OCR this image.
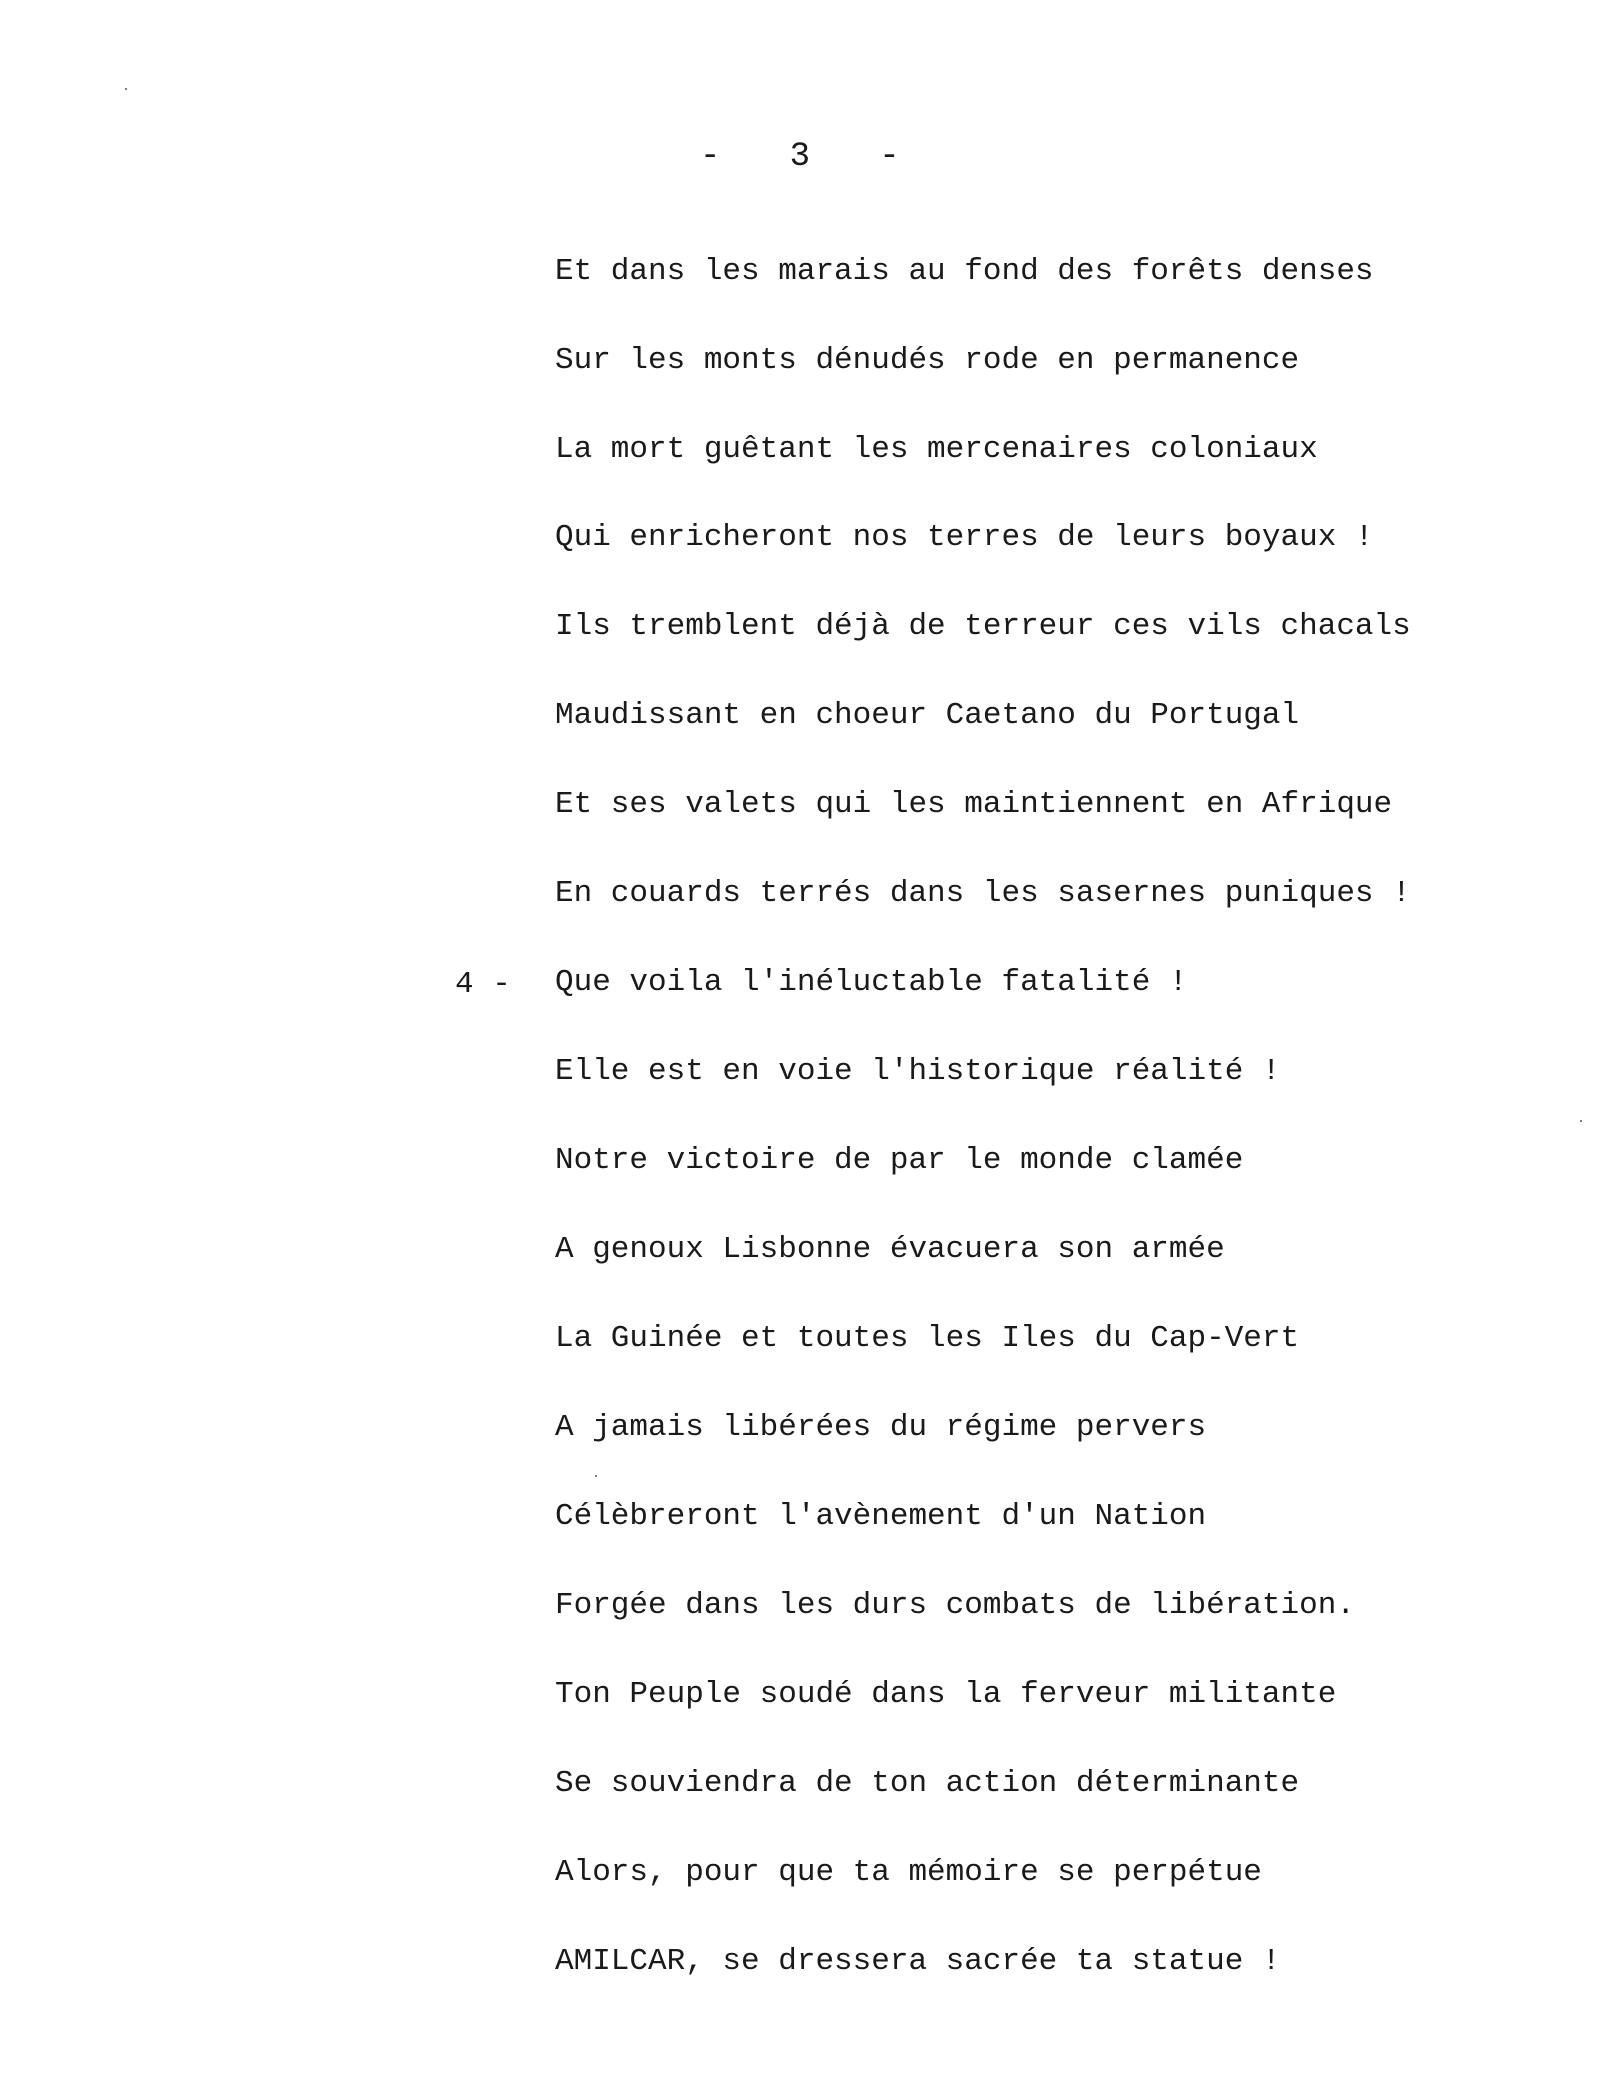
-   3   -
Et dans les marais au fond des forêts denses
Sur les monts dénudés rode en permanence
La mort guêtant les mercenaires coloniaux
Qui enricheront nos terres de leurs boyaux !
Ils tremblent déjà de terreur ces vils chacals
Maudissant en choeur Caetano du Portugal
Et ses valets qui les maintiennent en Afrique
En couards terrés dans les sasernes puniques !
4 - Que voila l'inéluctable fatalité !
Elle est en voie l'historique réalité !
Notre victoire de par le monde clamée
A genoux Lisbonne évacuera son armée
La Guinée et toutes les Iles du Cap-Vert
A jamais libérées du régime pervers
Célèbreront l'avènement d'un Nation
Forgée dans les durs combats de libération.
Ton Peuple soudé dans la ferveur militante
Se souviendra de ton action déterminante
Alors, pour que ta mémoire se perpétue
AMILCAR, se dressera sacrée ta statue !
